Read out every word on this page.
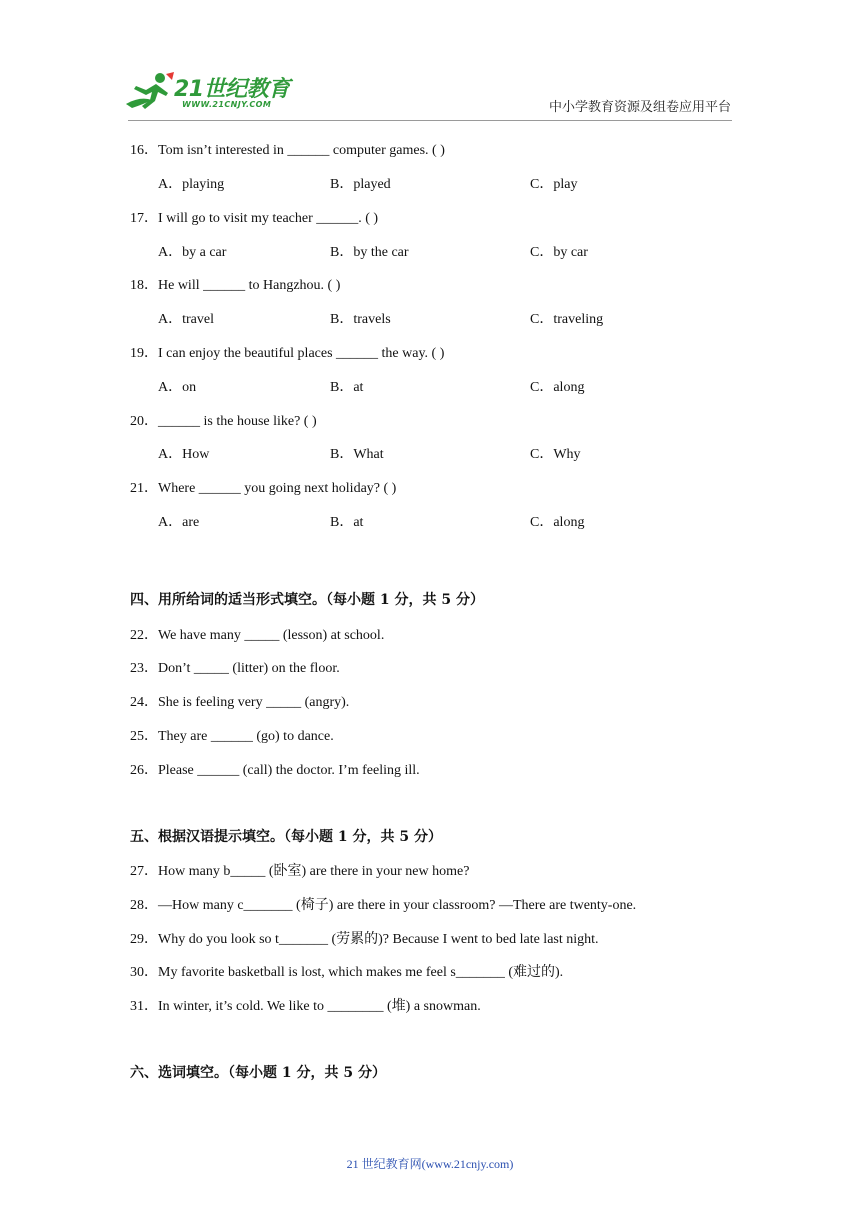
21世纪教育
WWW.21CNJY.COM	中小学教育资源及组卷应用平台
16．Tom isn’t interested in ______ computer games. ( )
A．playing	B．played	C．play
17．I will go to visit my teacher ______. ( )
A．by a car	B．by the car	C．by car
18．He will ______ to Hangzhou. ( )
A．travel	B．travels	C．traveling
19．I can enjoy the beautiful places ______ the way. ( )
A．on	B．at	C．along
20．______ is the house like? ( )
A．How	B．What	C．Why
21．Where ______ you going next holiday? ( )
A．are	B．at	C．along
四、用所给词的适当形式填空。（每小题 1 分，共 5 分）
22．We have many _____ (lesson) at school.
23．Don’t _____ (litter) on the floor.
24．She is feeling very _____ (angry).
25．They are ______ (go) to dance.
26．Please ______ (call) the doctor. I’m feeling ill.
五、根据汉语提示填空。（每小题 1 分，共 5 分）
27．How many b_____ (卧室) are there in your new home?
28．—How many c_______ (椅子) are there in your classroom? —There are twenty-one.
29．Why do you look so t_______ (劳累的)? Because I went to bed late last night.
30．My favorite basketball is lost, which makes me feel s_______ (难过的).
31．In winter, it’s cold. We like to ________ (堆) a snowman.
六、选词填空。（每小题 1 分，共 5 分）
21 世纪教育网(www.21cnjy.com)
